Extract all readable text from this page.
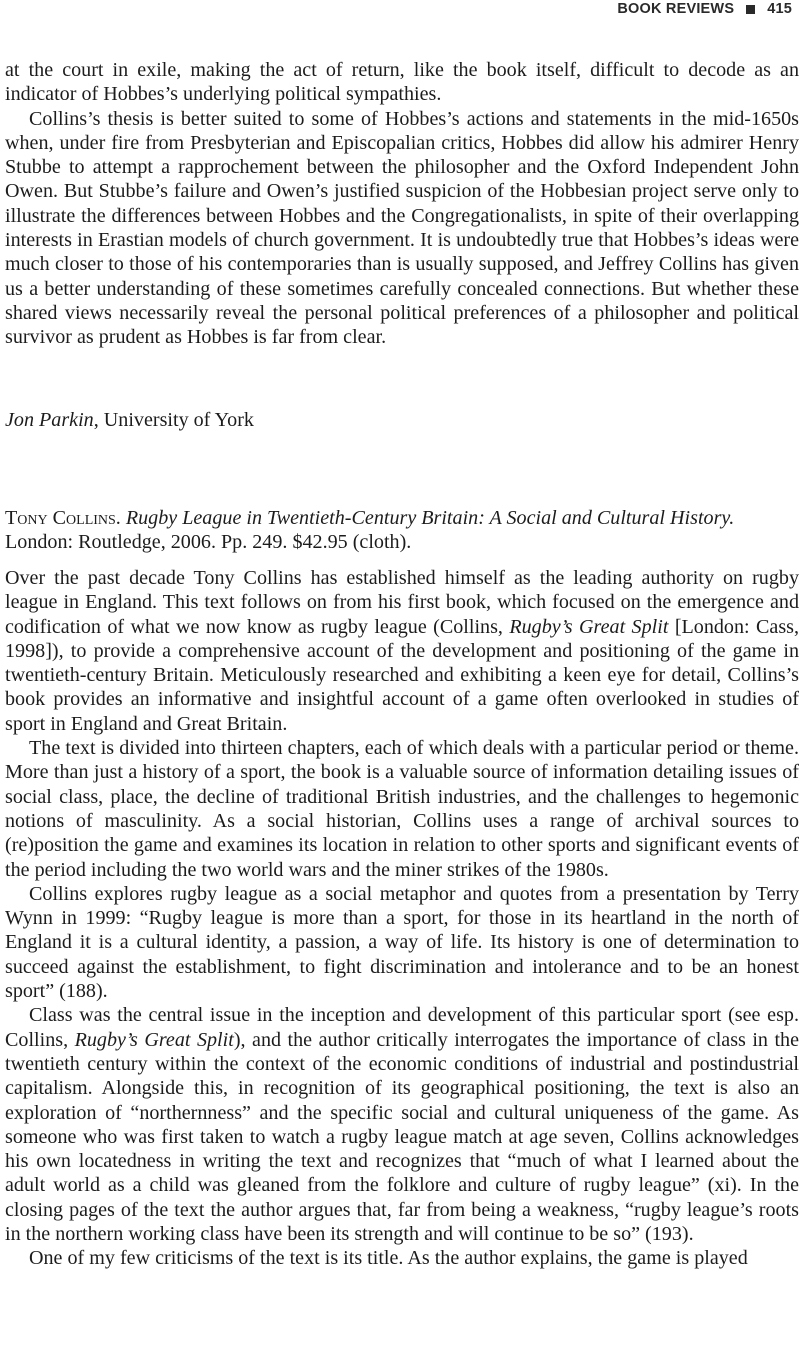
BOOK REVIEWS 415

at the court in exile, making the act of return, like the book itself, difficult to decode as an indicator of Hobbes’s underlying political sympathies.

Collins’s thesis is better suited to some of Hobbes’s actions and statements in the mid-1650s when, under fire from Presbyterian and Episcopalian critics, Hobbes did allow his admirer Henry Stubbe to attempt a rapprochement between the philosopher and the Oxford Independent John Owen. But Stubbe’s failure and Owen’s justified suspicion of the Hobbesian project serve only to illustrate the differences between Hobbes and the Congregationalists, in spite of their overlapping interests in Erastian models of church government. It is undoubtedly true that Hobbes’s ideas were much closer to those of his contemporaries than is usually supposed, and Jeffrey Collins has given us a better understanding of these sometimes carefully concealed connections. But whether these shared views necessarily reveal the personal political preferences of a philosopher and political survivor as prudent as Hobbes is far from clear.

Jon Parkin, University of York
Tony Collins. Rugby League in Twentieth-Century Britain: A Social and Cultural History.
London: Routledge, 2006. Pp. 249. $42.95 (cloth).

Over the past decade Tony Collins has established himself as the leading authority on rugby league in England. This text follows on from his first book, which focused on the emergence and codification of what we now know as rugby league (Collins, Rugby’s Great Split [London: Cass, 1998]), to provide a comprehensive account of the development and positioning of the game in twentieth-century Britain. Meticulously researched and exhibiting a keen eye for detail, Collins’s book provides an informative and insightful account of a game often overlooked in studies of sport in England and Great Britain.

The text is divided into thirteen chapters, each of which deals with a particular period or theme. More than just a history of a sport, the book is a valuable source of information detailing issues of social class, place, the decline of traditional British industries, and the challenges to hegemonic notions of masculinity. As a social historian, Collins uses a range of archival sources to (re)position the game and examines its location in relation to other sports and significant events of the period including the two world wars and the miner strikes of the 1980s.

Collins explores rugby league as a social metaphor and quotes from a presentation by Terry Wynn in 1999: “Rugby league is more than a sport, for those in its heartland in the north of England it is a cultural identity, a passion, a way of life. Its history is one of determination to succeed against the establishment, to fight discrimination and intolerance and to be an honest sport” (188).

Class was the central issue in the inception and development of this particular sport (see esp. Collins, Rugby’s Great Split), and the author critically interrogates the importance of class in the twentieth century within the context of the economic conditions of industrial and postindustrial capitalism. Alongside this, in recognition of its geographical positioning, the text is also an exploration of “northernness” and the specific social and cultural uniqueness of the game. As someone who was first taken to watch a rugby league match at age seven, Collins acknowledges his own locatedness in writing the text and recognizes that “much of what I learned about the adult world as a child was gleaned from the folklore and culture of rugby league” (xi). In the closing pages of the text the author argues that, far from being a weakness, “rugby league’s roots in the northern working class have been its strength and will continue to be so” (193).

One of my few criticisms of the text is its title. As the author explains, the game is played
